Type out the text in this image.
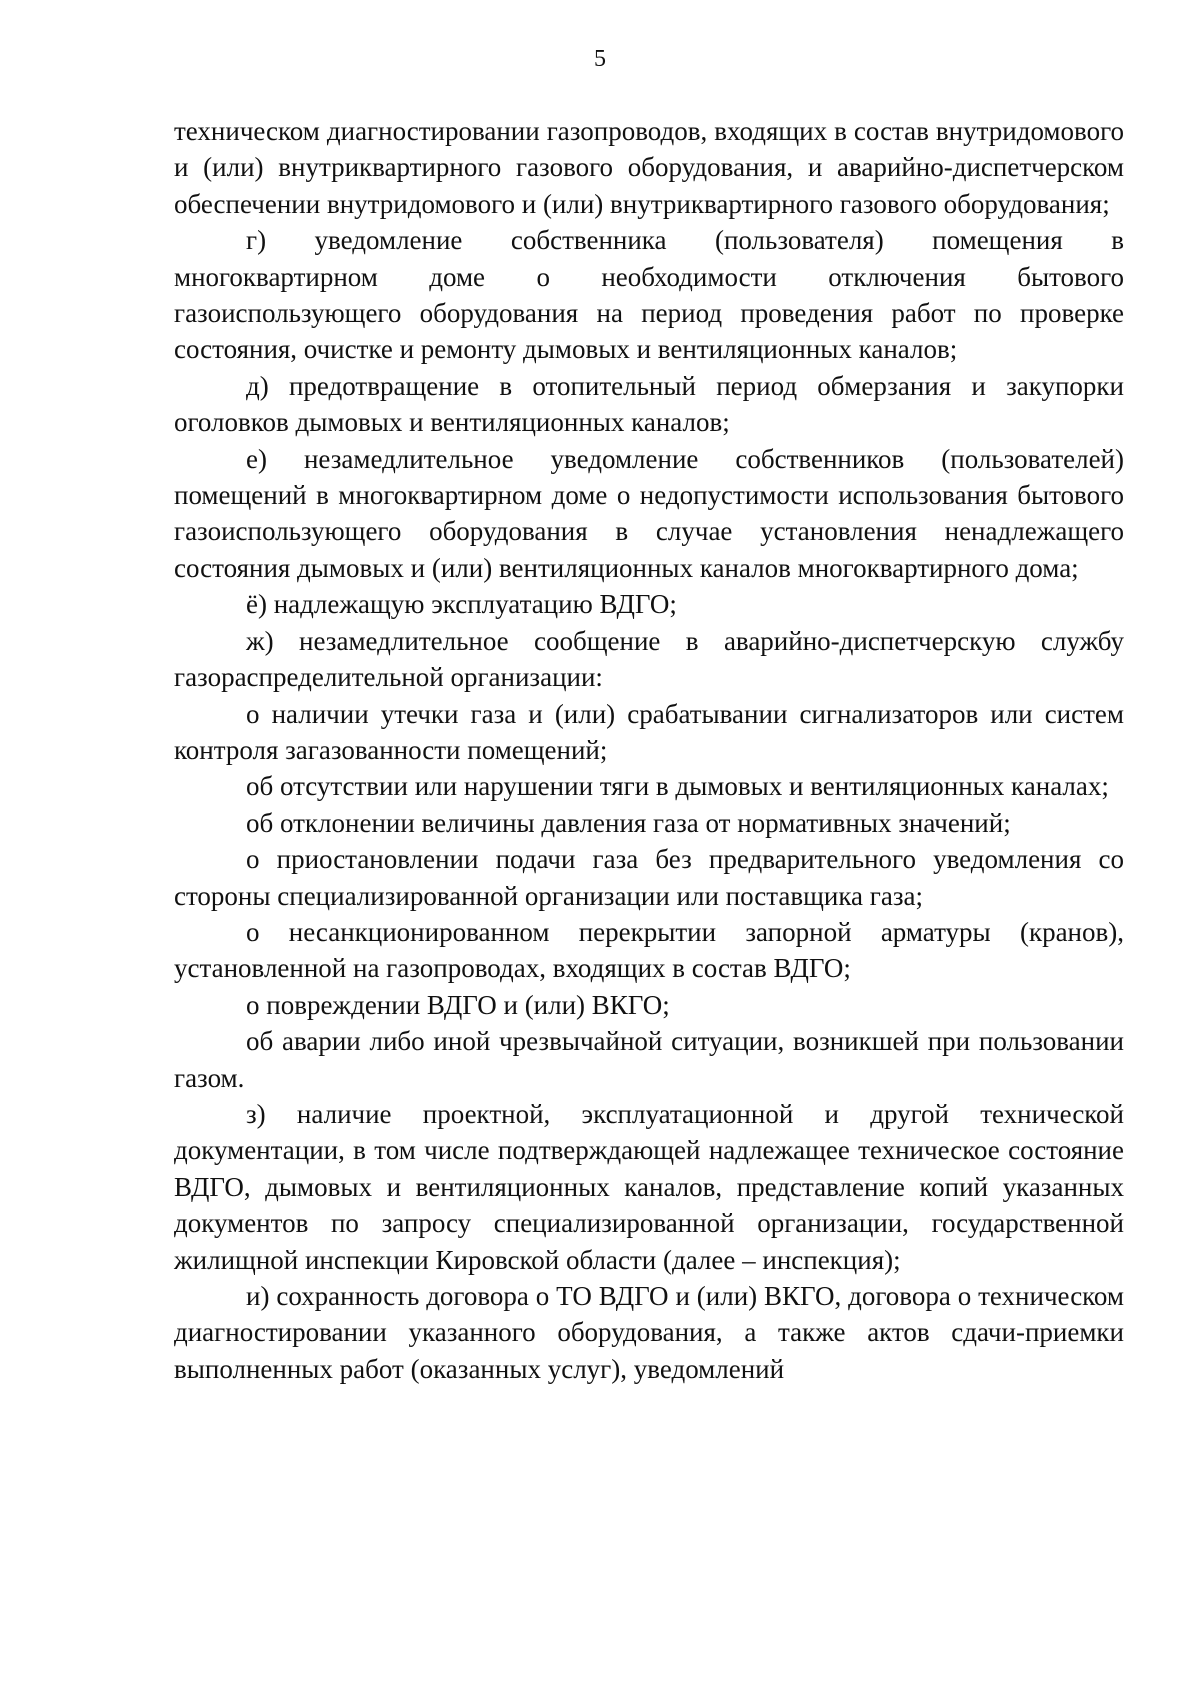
5

техническом диагностировании газопроводов, входящих в состав внутридомового и (или) внутриквартирного газового оборудования, и аварийно-диспетчерском обеспечении внутридомового и (или) внутриквартирного газового оборудования;

г) уведомление собственника (пользователя) помещения в многоквартирном доме о необходимости отключения бытового газоиспользующего оборудования на период проведения работ по проверке состояния, очистке и ремонту дымовых и вентиляционных каналов;

д) предотвращение в отопительный период обмерзания и закупорки оголовков дымовых и вентиляционных каналов;

е) незамедлительное уведомление собственников (пользователей) помещений в многоквартирном доме о недопустимости использования бытового газоиспользующего оборудования в случае установления ненадлежащего состояния дымовых и (или) вентиляционных каналов многоквартирного дома;

ё) надлежащую эксплуатацию ВДГО;

ж) незамедлительное сообщение в аварийно-диспетчерскую службу газораспределительной организации:

о наличии утечки газа и (или) срабатывании сигнализаторов или систем контроля загазованности помещений;

об отсутствии или нарушении тяги в дымовых и вентиляционных каналах;

об отклонении величины давления газа от нормативных значений;

о приостановлении подачи газа без предварительного уведомления со стороны специализированной организации или поставщика газа;

о несанкционированном перекрытии запорной арматуры (кранов), установленной на газопроводах, входящих в состав ВДГО;

о повреждении ВДГО и (или) ВКГО;

об аварии либо иной чрезвычайной ситуации, возникшей при пользовании газом.

з) наличие проектной, эксплуатационной и другой технической документации, в том числе подтверждающей надлежащее техническое состояние ВДГО, дымовых и вентиляционных каналов, представление копий указанных документов по запросу специализированной организации, государственной жилищной инспекции Кировской области (далее – инспекция);

и) сохранность договора о ТО ВДГО и (или) ВКГО, договора о техническом диагностировании указанного оборудования, а также актов сдачи-приемки выполненных работ (оказанных услуг), уведомлений
